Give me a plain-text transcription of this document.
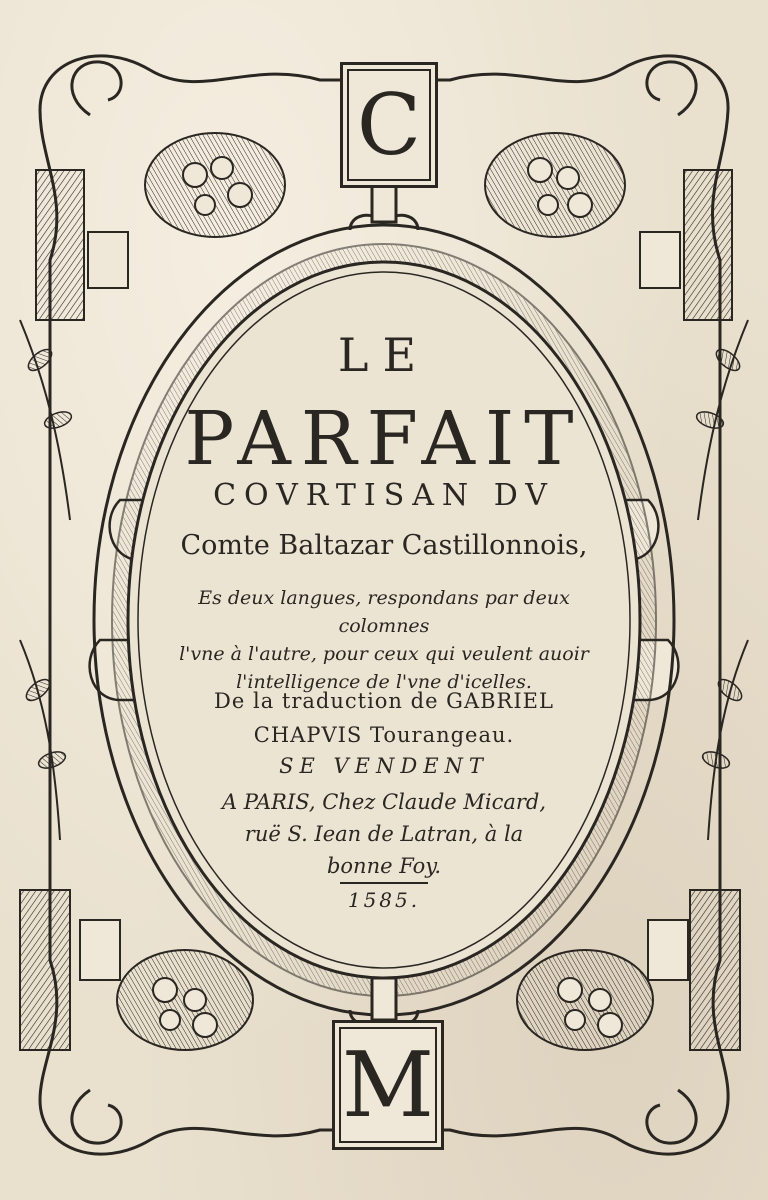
C
M
LE
PARFAIT
COVRTISAN DV
Comte Baltazar Castillonnois,
Es deux langues, respondans par deux colomnes
l'vne à l'autre, pour ceux qui veulent auoir
l'intelligence de l'vne d'icelles.
De la traduction de GABRIEL
CHAPVIS Tourangeau.
SE VENDENT
A PARIS, Chez Claude Micard,
ruë S. Iean de Latran, à la
bonne Foy.
1585.
